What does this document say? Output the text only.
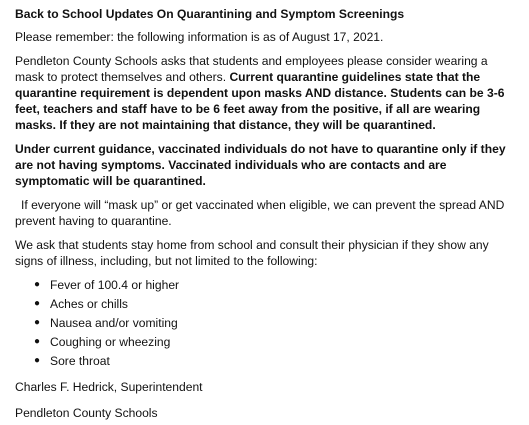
Back to School Updates On Quarantining and Symptom Screenings
Please remember: the following information is as of August 17, 2021.
Pendleton County Schools asks that students and employees please consider wearing a mask to protect themselves and others. Current quarantine guidelines state that the quarantine requirement is dependent upon masks AND distance. Students can be 3-6 feet, teachers and staff have to be 6 feet away from the positive, if all are wearing masks. If they are not maintaining that distance, they will be quarantined.
Under current guidance, vaccinated individuals do not have to quarantine only if they are not having symptoms. Vaccinated individuals who are contacts and are symptomatic will be quarantined.
If everyone will “mask up” or get vaccinated when eligible, we can prevent the spread AND prevent having to quarantine.
We ask that students stay home from school and consult their physician if they show any signs of illness, including, but not limited to the following:
● Fever of 100.4 or higher
● Aches or chills
● Nausea and/or vomiting
● Coughing or wheezing
● Sore throat
Charles F. Hedrick, Superintendent
Pendleton County Schools
